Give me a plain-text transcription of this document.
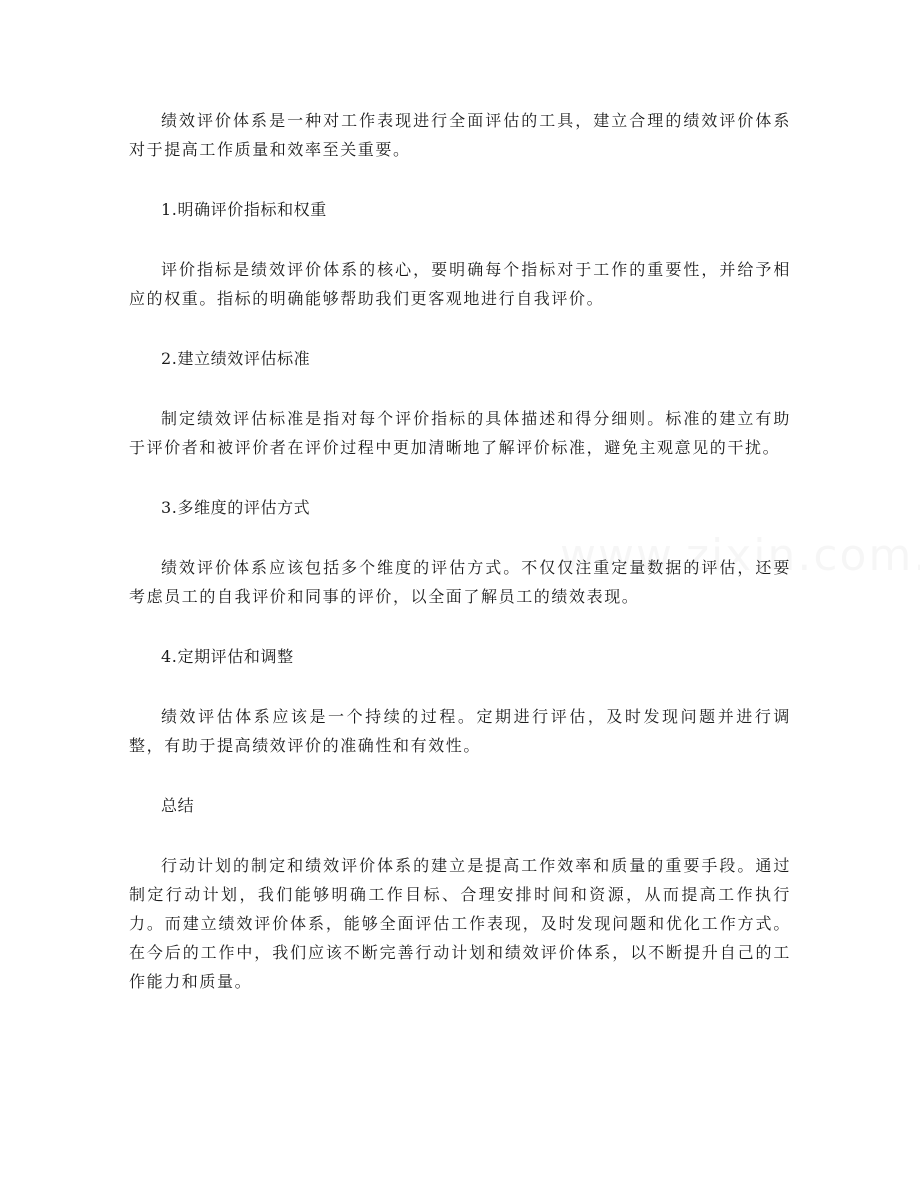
绩效评价体系是一种对工作表现进行全面评估的工具，建立合理的绩效评价体系对于提高工作质量和效率至关重要。

1.明确评价指标和权重

评价指标是绩效评价体系的核心，要明确每个指标对于工作的重要性，并给予相应的权重。指标的明确能够帮助我们更客观地进行自我评价。

2.建立绩效评估标准

制定绩效评估标准是指对每个评价指标的具体描述和得分细则。标准的建立有助于评价者和被评价者在评价过程中更加清晰地了解评价标准，避免主观意见的干扰。

3.多维度的评估方式

绩效评价体系应该包括多个维度的评估方式。不仅仅注重定量数据的评估，还要考虑员工的自我评价和同事的评价，以全面了解员工的绩效表现。

4.定期评估和调整

绩效评估体系应该是一个持续的过程。定期进行评估，及时发现问题并进行调整，有助于提高绩效评价的准确性和有效性。

总结

行动计划的制定和绩效评价体系的建立是提高工作效率和质量的重要手段。通过制定行动计划，我们能够明确工作目标、合理安排时间和资源，从而提高工作执行力。而建立绩效评价体系，能够全面评估工作表现，及时发现问题和优化工作方式。在今后的工作中，我们应该不断完善行动计划和绩效评价体系，以不断提升自己的工作能力和质量。
